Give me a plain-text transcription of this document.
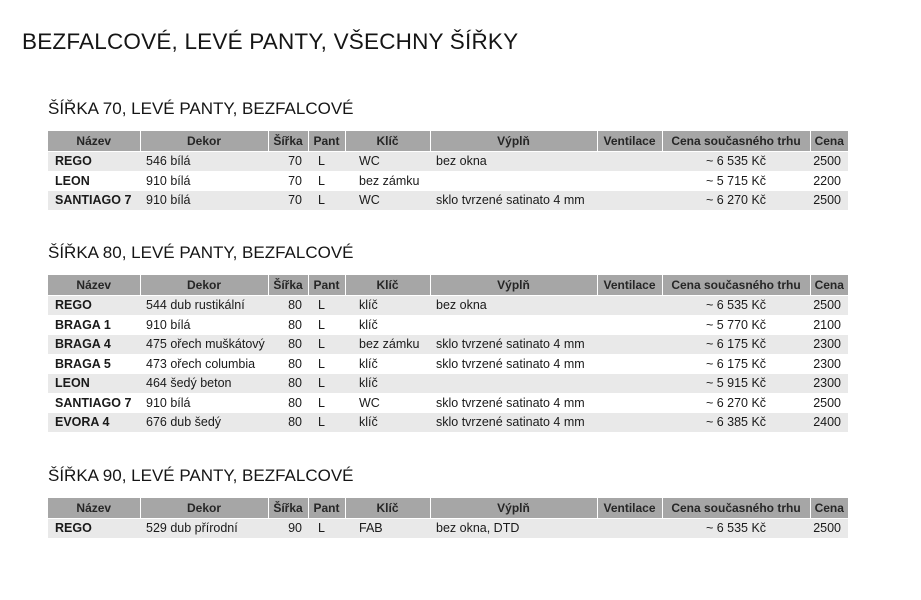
BEZFALCOVÉ, LEVÉ PANTY, VŠECHNY ŠÍŘKY
ŠÍŘKA 70, LEVÉ PANTY, BEZFALCOVÉ
Název	Dekor	Šířka	Pant	Klíč	Výplň	Ventilace	Cena současného trhu	Cena
REGO	546 bílá	70	L	WC	bez okna		~ 6 535 Kč	2500
LEON	910 bílá	70	L	bez zámku			~ 5 715 Kč	2200
SANTIAGO 7	910 bílá	70	L	WC	sklo tvrzené satinato 4 mm		~ 6 270 Kč	2500
ŠÍŘKA 80, LEVÉ PANTY, BEZFALCOVÉ
Název	Dekor	Šířka	Pant	Klíč	Výplň	Ventilace	Cena současného trhu	Cena
REGO	544 dub rustikální	80	L	klíč	bez okna		~ 6 535 Kč	2500
BRAGA 1	910 bílá	80	L	klíč			~ 5 770 Kč	2100
BRAGA 4	475 ořech muškátový	80	L	bez zámku	sklo tvrzené satinato 4 mm		~ 6 175 Kč	2300
BRAGA 5	473 ořech columbia	80	L	klíč	sklo tvrzené satinato 4 mm		~ 6 175 Kč	2300
LEON	464 šedý beton	80	L	klíč			~ 5 915 Kč	2300
SANTIAGO 7	910 bílá	80	L	WC	sklo tvrzené satinato 4 mm		~ 6 270 Kč	2500
EVORA 4	676 dub šedý	80	L	klíč	sklo tvrzené satinato 4 mm		~ 6 385 Kč	2400
ŠÍŘKA 90, LEVÉ PANTY, BEZFALCOVÉ
Název	Dekor	Šířka	Pant	Klíč	Výplň	Ventilace	Cena současného trhu	Cena
REGO	529 dub přírodní	90	L	FAB	bez okna, DTD		~ 6 535 Kč	2500
